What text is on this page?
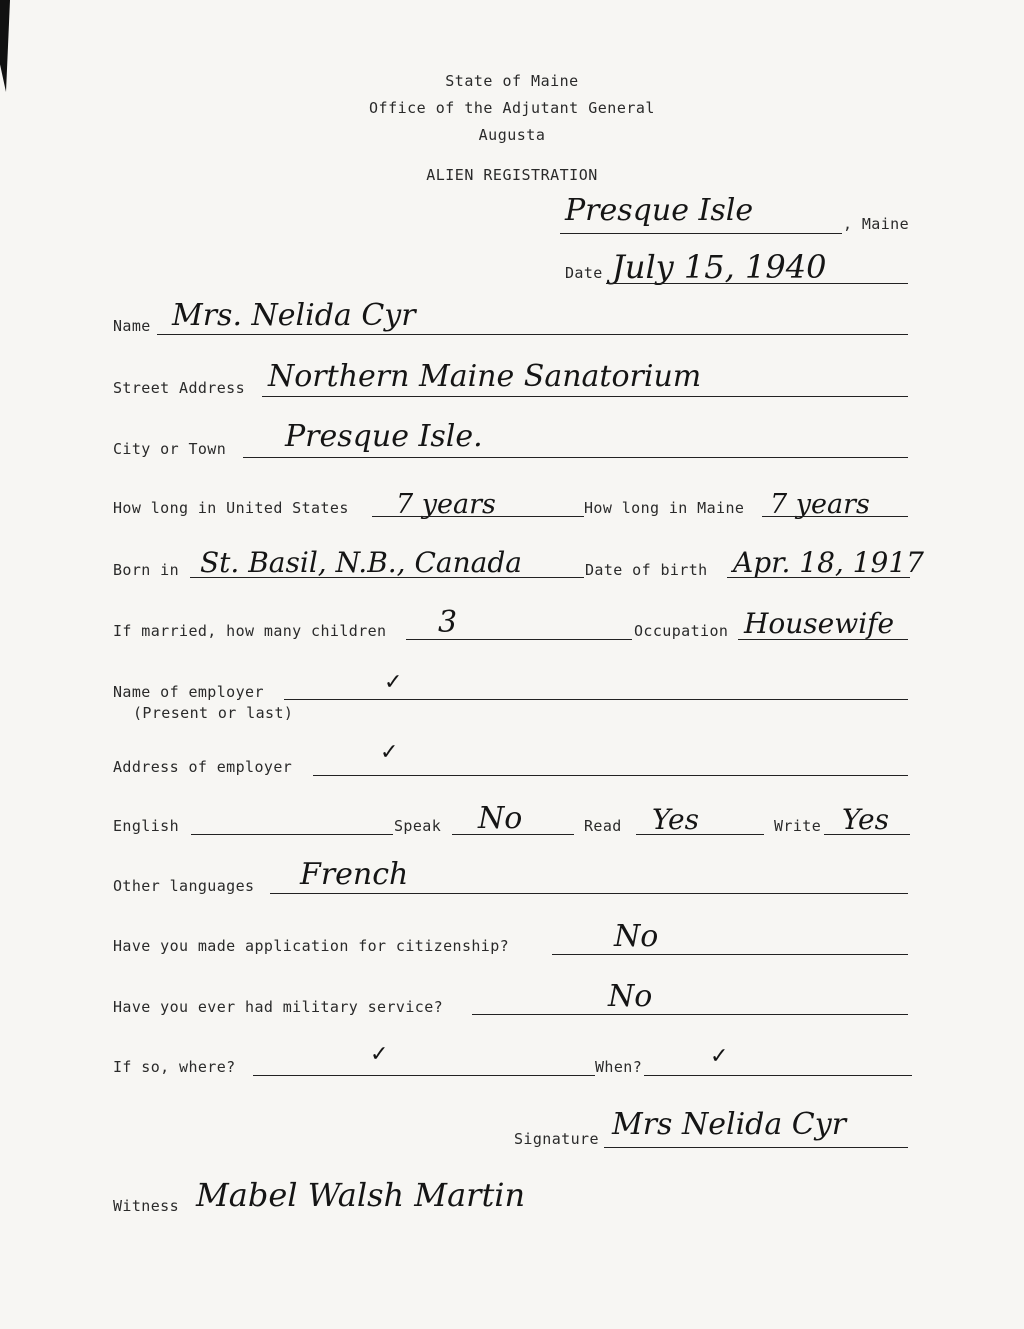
State of Maine
Office of the Adjutant General
Augusta
ALIEN REGISTRATION
Presque Isle	, Maine
Date July 15, 1940
Name Mrs. Nelida Cyr
Street Address Northern Maine Sanatorium
City or Town Presque Isle.
How long in United States 7 years	How long in Maine 7 years
Born in St. Basil, N.B., Canada	Date of birth Apr. 18, 1917
If married, how many children 3	Occupation Housewife
Name of employer
(Present or last)
✓
Address of employer
✓
English	Speak No	Read Yes	Write Yes
Other languages French
Have you made application for citizenship?	No
Have you ever had military service?	No
If so, where?	✓	When?	✓
Signature Mrs Nelida Cyr
Witness Mabel Walsh Martin
